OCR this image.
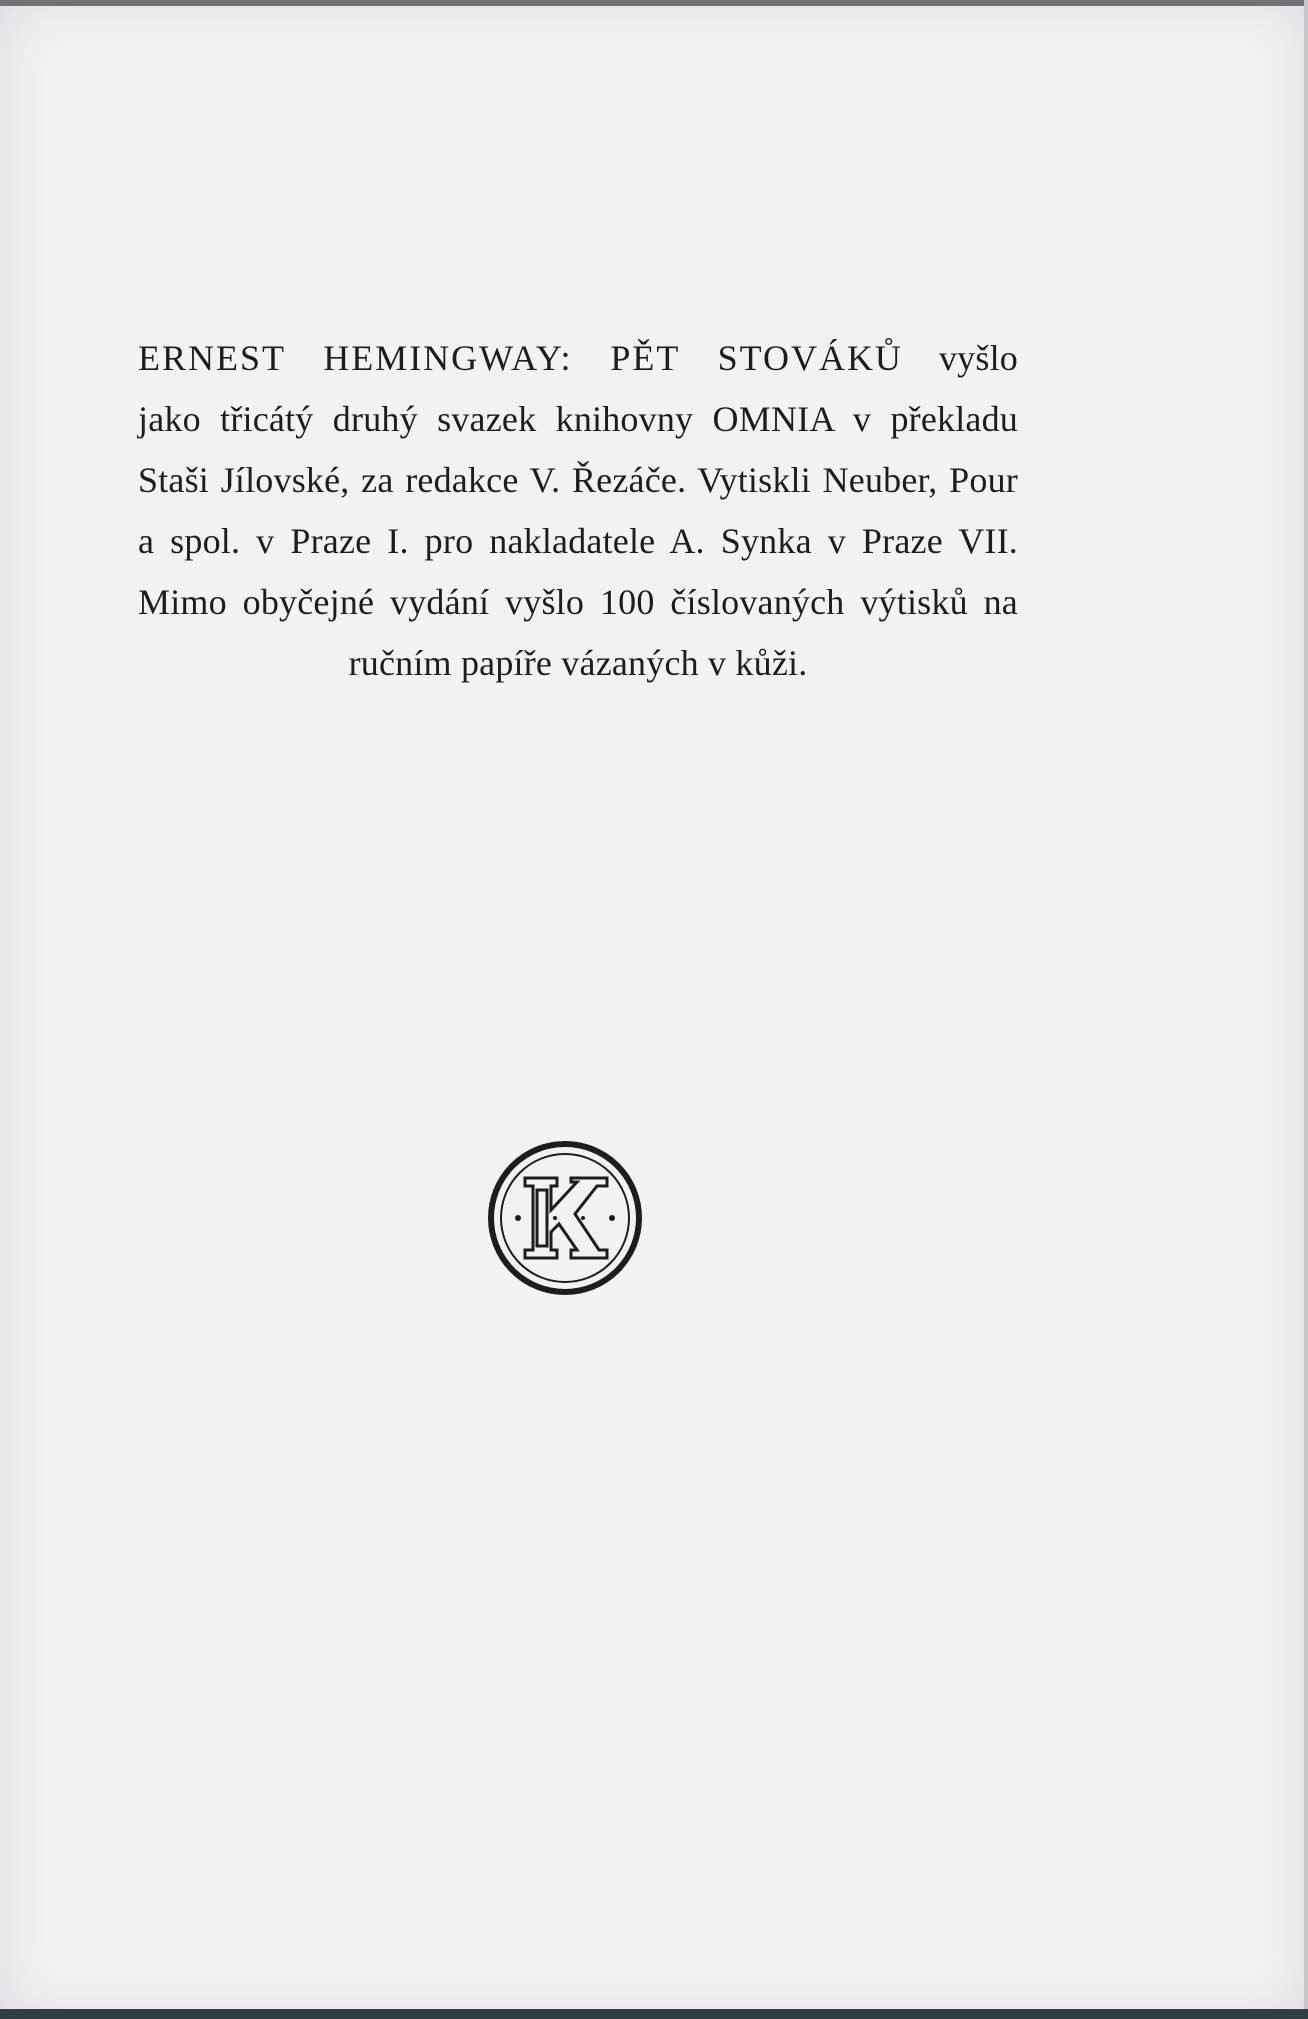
ERNEST HEMINGWAY: PĚT STOVÁKŮ vyšlo
jako třicátý druhý svazek knihovny OMNIA v překladu
Staši Jílovské, za redakce V. Řezáče. Vytiskli Neuber, Pour
a spol. v Praze I. pro nakladatele A. Synka v Praze VII.
Mimo obyčejné vydání vyšlo 100 číslovaných výtisků na
ručním papíře vázaných v kůži.
